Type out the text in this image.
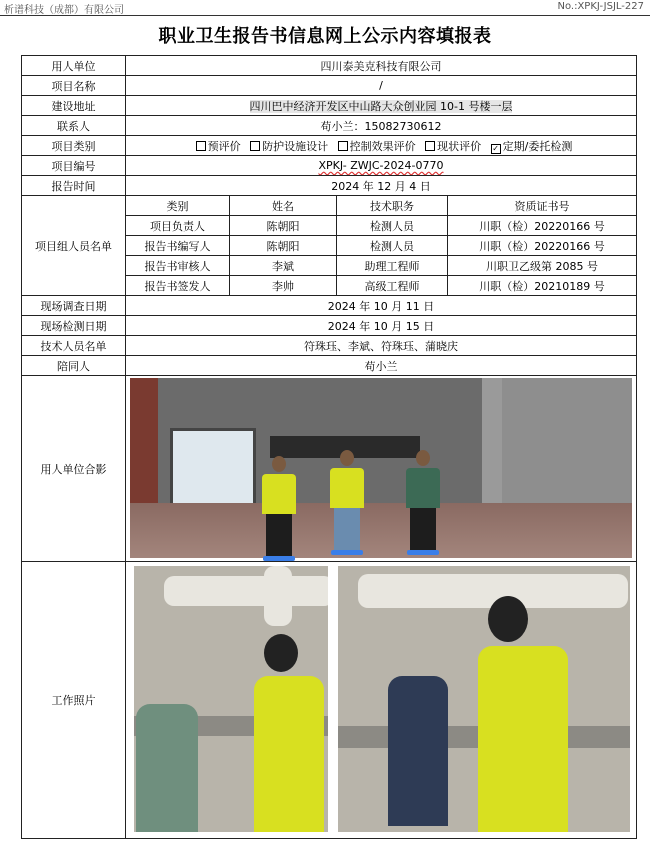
析谱科技（成都）有限公司	No.:XPKJ-JSJL-227
职业卫生报告书信息网上公示内容填报表
用人单位	四川泰美克科技有限公司			
项目名称	/			
建设地址	四川巴中经济开发区中山路大众创业园 10-1 号楼一层			
联系人	苟小兰：15082730612			
项目类别	预评价 防护设施设计 控制效果评价 现状评价 ✓ 定期/委托检测			
项目编号	XPKJ- ZWJC-2024-0770			
报告时间	2024 年 12 月 4 日			
项目组人员名单	类别	姓名	技术职务	资质证书号
	项目负责人	陈朝阳	检测人员	川职（检）20220166 号
	报告书编写人	陈朝阳	检测人员	川职（检）20220166 号
	报告书审核人	李斌	助理工程师	川职卫乙级第 2085 号
	报告书签发人	李帅	高级工程师	川职（检）20210189 号
现场调查日期	2024 年 10 月 11 日			
现场检测日期	2024 年 10 月 15 日			
技术人员名单	符珠珏、李斌、符珠珏、蒲晓庆			
陪同人	苟小兰			
用人单位合影				

工作照片				
